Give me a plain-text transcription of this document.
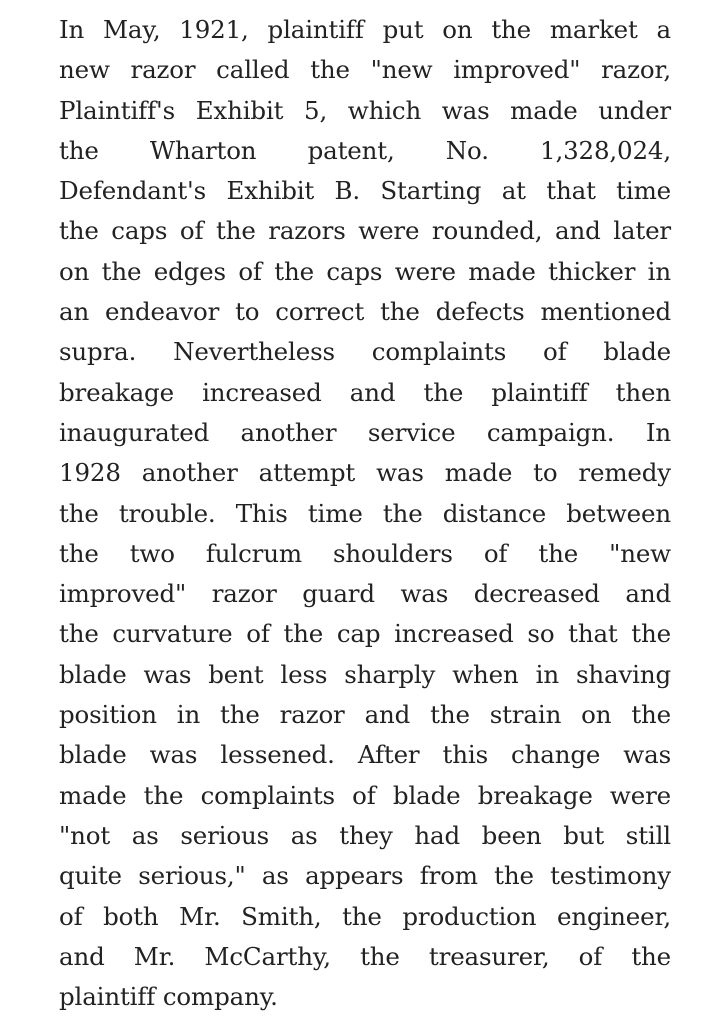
In May, 1921, plaintiff put on the market a
new razor called the "new improved" razor,
Plaintiff's Exhibit 5, which was made under
the Wharton patent, No. 1,328,024,
Defendant's Exhibit B. Starting at that time
the caps of the razors were rounded, and later
on the edges of the caps were made thicker in
an endeavor to correct the defects mentioned
supra. Nevertheless complaints of blade
breakage increased and the plaintiff then
inaugurated another service campaign. In
1928 another attempt was made to remedy
the trouble. This time the distance between
the two fulcrum shoulders of the "new
improved" razor guard was decreased and
the curvature of the cap increased so that the
blade was bent less sharply when in shaving
position in the razor and the strain on the
blade was lessened. After this change was
made the complaints of blade breakage were
"not as serious as they had been but still
quite serious," as appears from the testimony
of both Mr. Smith, the production engineer,
and Mr. McCarthy, the treasurer, of the
plaintiff company.
